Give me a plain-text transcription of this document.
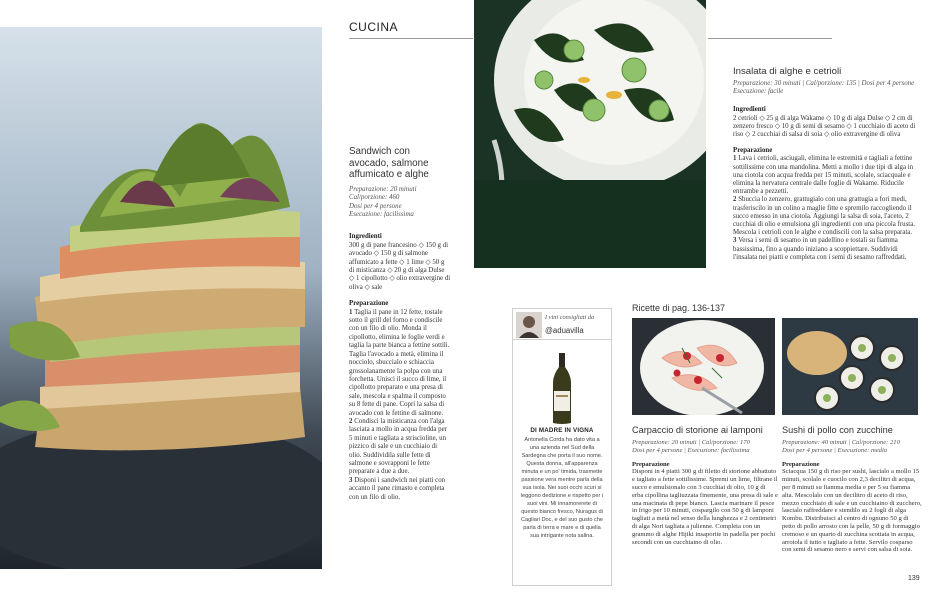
CUCINA
Sandwich con
avocado, salmone
affumicato e alghe
Preparazione: 20 minuti
Cal/porzione: 460
Dosi per 4 persone
Esecuzione: facilissima
Ingredienti
300 g di pane francesino ◇ 150 g di avocado ◇ 150 g di salmone affumicato a fette ◇ 1 lime ◇ 50 g di misticanza ◇ 20 g di alga Dulse ◇ 1 cipollotto ◇ olio extravergine di oliva ◇ sale
Preparazione
1 Taglia il pane in 12 fette, tostale sotto il grill del forno e condiscile con un filo di olio. Monda il cipollotto, elimina le foglie verdi e taglia la parte bianca a fettine sottili. Taglia l'avocado a metà, elimina il nocciolo, sbuccialo e schiaccia grossolanamente la polpa con una forchetta. Unisci il succo di lime, il cipollotto preparato e una presa di sale, mescola e spalma il composto su 8 fette di pane. Copri la salsa di avocado con le fettine di salmone.
2 Condisci la misticanza con l'alga lasciata a mollo in acqua fredda per 5 minuti e tagliata a striscioline, un pizzico di sale e un cucchiaio di olio. Suddividila sulle fette di salmone e sovrapponi le fette preparate a due a due.
3 Disponi i sandwich nei piatti con accanto il pane rimasto e completa con un filo di olio.
Insalata di alghe e cetrioli
Preparazione: 30 minuti | Cal/porzione: 135 | Dosi per 4 persone
Esecuzione: facile
Ingredienti
2 cetrioli ◇ 25 g di alga Wakame ◇ 10 g di alga Dulse ◇ 2 cm di zenzero fresco ◇ 10 g di semi di sesamo ◇ 1 cucchiaio di aceto di riso ◇ 2 cucchiai di salsa di soia ◇ olio extravergine di oliva
Preparazione
1 Lava i cetrioli, asciugali, elimina le estremità e tagliali a fettine sottilissime con una mandolina. Metti a mollo i due tipi di alga in una ciotola con acqua fredda per 15 minuti, scolale, sciacquale e elimina la nervatura centrale dalle foglie di Wakame. Riducile entrambe a pezzetti.
2 Sbuccia lo zenzero, grattugialo con una grattugia a fori medi, trasferiscilo in un colino a maglie fitte e spremilo raccogliendo il succo emesso in una ciotola. Aggiungi la salsa di soia, l'aceto, 2 cucchiai di olio e emulsiona gli ingredienti con una piccola frusta. Mescola i cetrioli con le alghe e condiscili con la salsa preparata.
3 Versa i semi di sesamo in un padellino e tostali su fiamma bassissima, fino a quando iniziano a scoppiettare. Suddividi l'insalata nei piatti e completa con i semi di sesamo raffreddati.
Ricette di pag. 136-137
Carpaccio di storione ai lamponi
Preparazione: 20 minuti | Cal/porzione: 170
Dosi per 4 persone | Esecuzione: facilissima
Preparazione
Disponi in 4 piatti 300 g di filetto di storione abbattuto e tagliato a fette sottilissime. Spremi un lime, filtrane il succo e emulsionalo con 3 cucchiai di olio, 10 g di erba cipollina tagliuzzata finemente, una presa di sale e una macinata di pepe bianco. Lascia marinare il pesce in frigo per 10 minuti, cospargilo con 50 g di lamponi tagliati a metà nel senso della lunghezza e 2 centimetri di alga Nori tagliata a julienne. Completa con un grammo di alghe Hijiki insaporite in padella per pochi secondi con un cucchiaino di olio.
Sushi di pollo con zucchine
Preparazione: 40 minuti | Cal/porzione: 210
Dosi per 4 persone | Esecuzione: media
Preparazione
Sciacqua 150 g di riso per sushi, lascialo a mollo 15 minuti, scolalo e cuocilo con 2,3 decilitri di acqua, per 8 minuti su fiamma media e per 5 su fiamma alta. Mescolalo con un decilitro di aceto di riso, mezzo cucchiaio di sale e un cucchiaino di zucchero, lascialo raffreddare e stendilo su 2 fogli di alga Kombu. Distribuisci al centro di ognuno 50 g di petto di pollo arrosto con la pelle, 50 g di formaggio cremoso e un quarto di zucchina scottata in acqua, arrotola il tutto e tagliato a fette. Servilo cosparso con semi di sesamo nero e servi con salsa di soia.
I vini consigliati da
@aduavilla
DI MADRE IN VIGNA
Antonella Corda ha dato vita a una azienda nel Sud della Sardegna che porta il suo nome. Questa donna, all'apparenza minuta e un po' timida, trasmette passione vera mentre parla della sua isola. Nei suoi occhi scuri si leggono dedizione e rispetto per i suoi vini. Mi innamorerete di questo bianco fresco, Nuragus di Cagliari Doc, e del suo gusto che parla di terra e mare e di quella sua intrigante nota salina.
139
